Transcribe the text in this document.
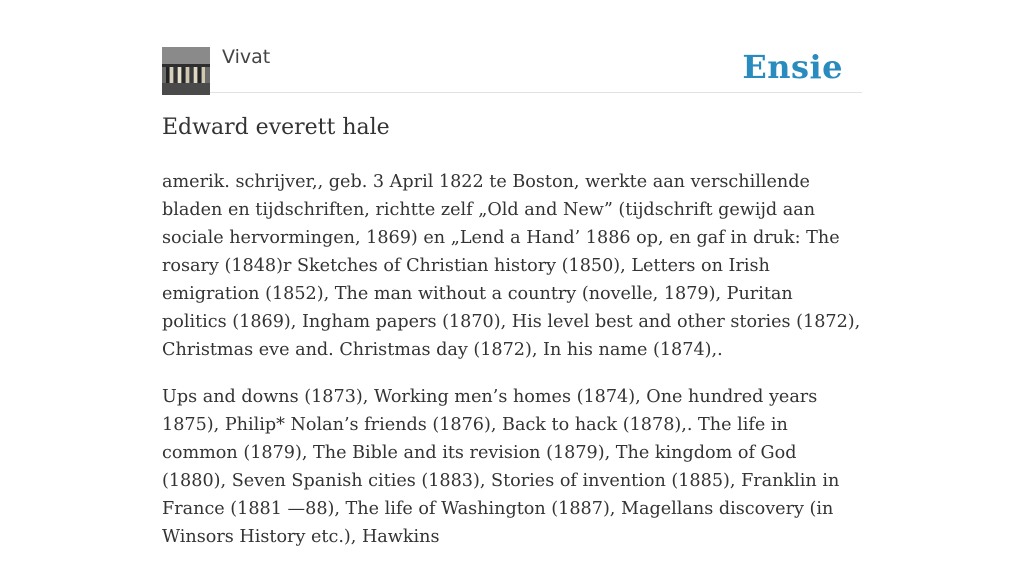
Vivat	Ensie
Edward everett hale

amerik. schrijver,, geb. 3 April 1822 te Boston, werkte aan verschillende bladen en tijdschriften, richtte zelf „Old and New” (tijdschrift gewijd aan sociale hervormingen, 1869) en „Lend a Hand’ 1886 op, en gaf in druk: The rosary (1848)r Sketches of Christian history (1850), Letters on Irish emigration (1852), The man without a country (novelle, 1879), Puritan politics (1869), Ingham papers (1870), His level best and other stories (1872), Christmas eve and. Christmas day (1872), In his name (1874),.

Ups and downs (1873), Working men’s homes (1874), One hundred years 1875), Philip* Nolan’s friends (1876), Back to hack (1878),. The life in common (1879), The Bible and its revision (1879), The kingdom of God (1880), Seven Spanish cities (1883), Stories of invention (1885), Franklin in France (1881 —88), The life of Washington (1887), Magellans discovery (in Winsors History etc.), Hawkins
